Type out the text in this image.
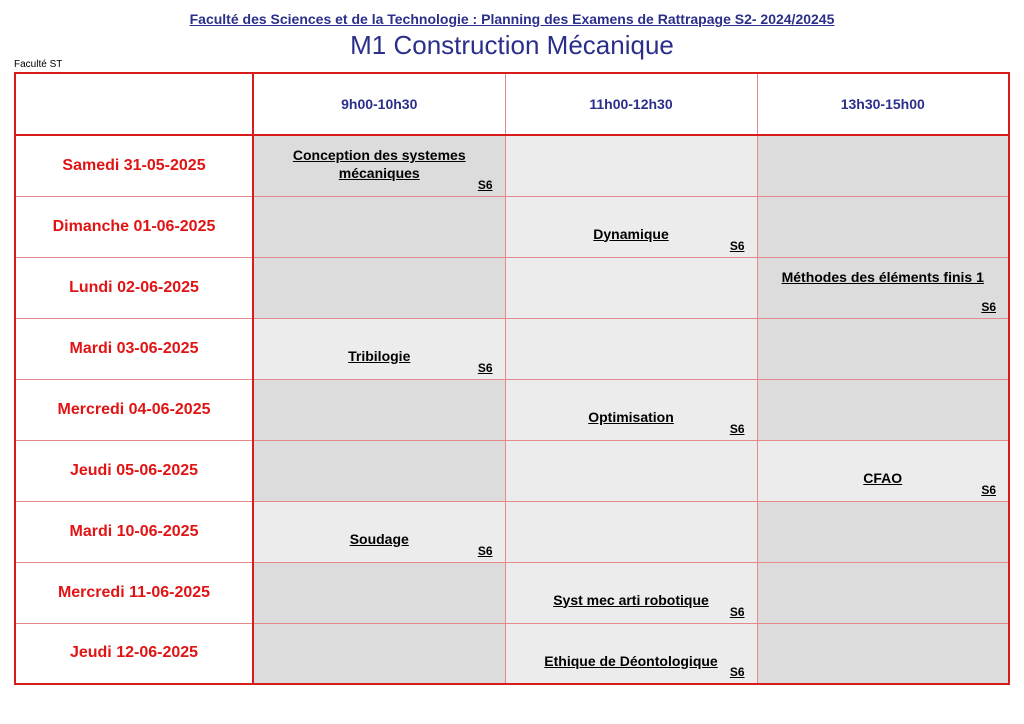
Faculté des Sciences et de la Technologie : Planning des Examens de Rattrapage S2- 2024/20245
M1 Construction Mécanique
Faculté ST
	9h00-10h30	11h00-12h30	13h30-15h00
Samedi 31-05-2025	Conception des systemes mécaniques
S6		

Dimanche 01-06-2025		Dynamique
S6	

Lundi 02-06-2025			Méthodes des éléments finis 1
S6

Mardi 03-06-2025	Tribilogie
S6		

Mercredi 04-06-2025		Optimisation
S6	

Jeudi 05-06-2025			CFAO
S6

Mardi 10-06-2025	Soudage
S6		

Mercredi 11-06-2025		Syst mec arti robotique
S6	

Jeudi 12-06-2025		Ethique de Déontologique
S6	
